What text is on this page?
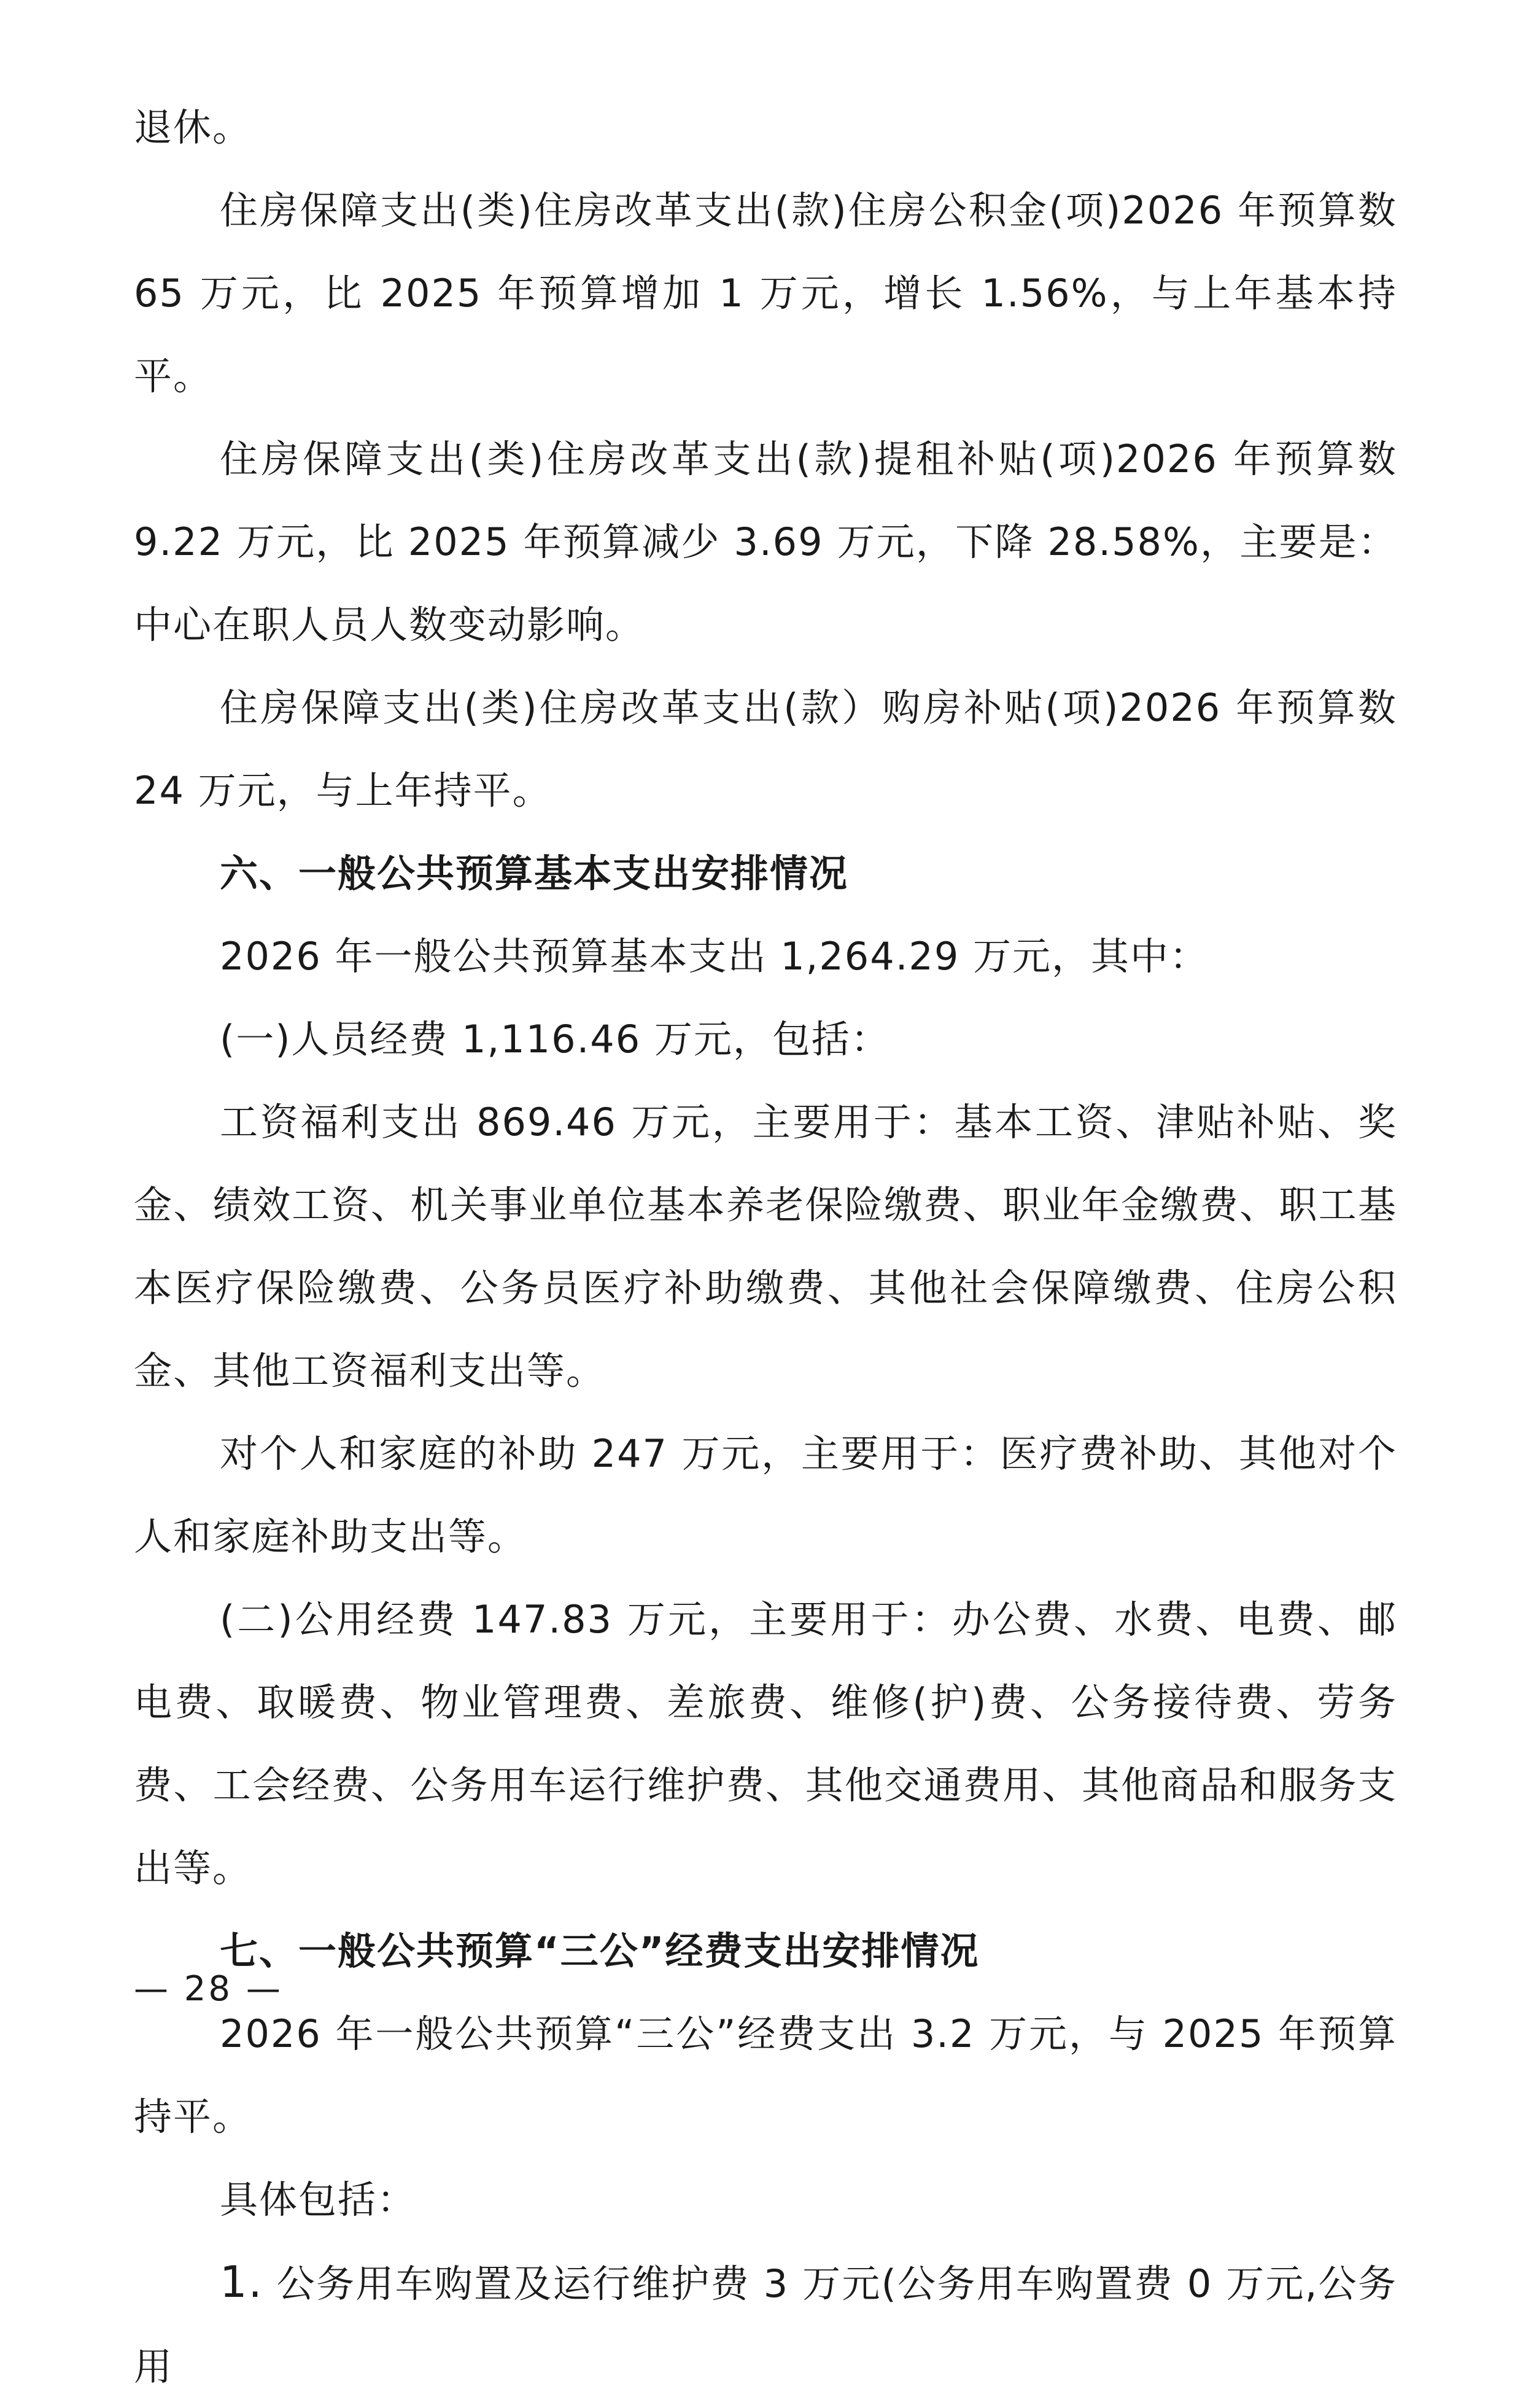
退休。

住房保障支出(类)住房改革支出(款)住房公积金(项)2026 年预算数 65 万元，比 2025 年预算增加 1 万元，增长 1.56%，与上年基本持平。

住房保障支出(类)住房改革支出(款)提租补贴(项)2026 年预算数 9.22 万元，比 2025 年预算减少 3.69 万元，下降 28.58%，主要是：中心在职人员人数变动影响。

住房保障支出(类)住房改革支出(款）购房补贴(项)2026 年预算数 24 万元，与上年持平。

六、一般公共预算基本支出安排情况

2026 年一般公共预算基本支出 1,264.29 万元，其中：

(一)人员经费 1,116.46 万元，包括：

工资福利支出 869.46 万元，主要用于：基本工资、津贴补贴、奖金、绩效工资、机关事业单位基本养老保险缴费、职业年金缴费、职工基本医疗保险缴费、公务员医疗补助缴费、其他社会保障缴费、住房公积金、其他工资福利支出等。

对个人和家庭的补助 247 万元，主要用于：医疗费补助、其他对个人和家庭补助支出等。

(二)公用经费 147.83 万元，主要用于：办公费、水费、电费、邮电费、取暖费、物业管理费、差旅费、维修(护)费、公务接待费、劳务费、工会经费、公务用车运行维护费、其他交通费用、其他商品和服务支出等。

七、一般公共预算“三公”经费支出安排情况

2026 年一般公共预算“三公”经费支出 3.2 万元，与 2025 年预算持平。

具体包括：

1. 公务用车购置及运行维护费 3 万元(公务用车购置费 0 万元,公务用

— 28 —
